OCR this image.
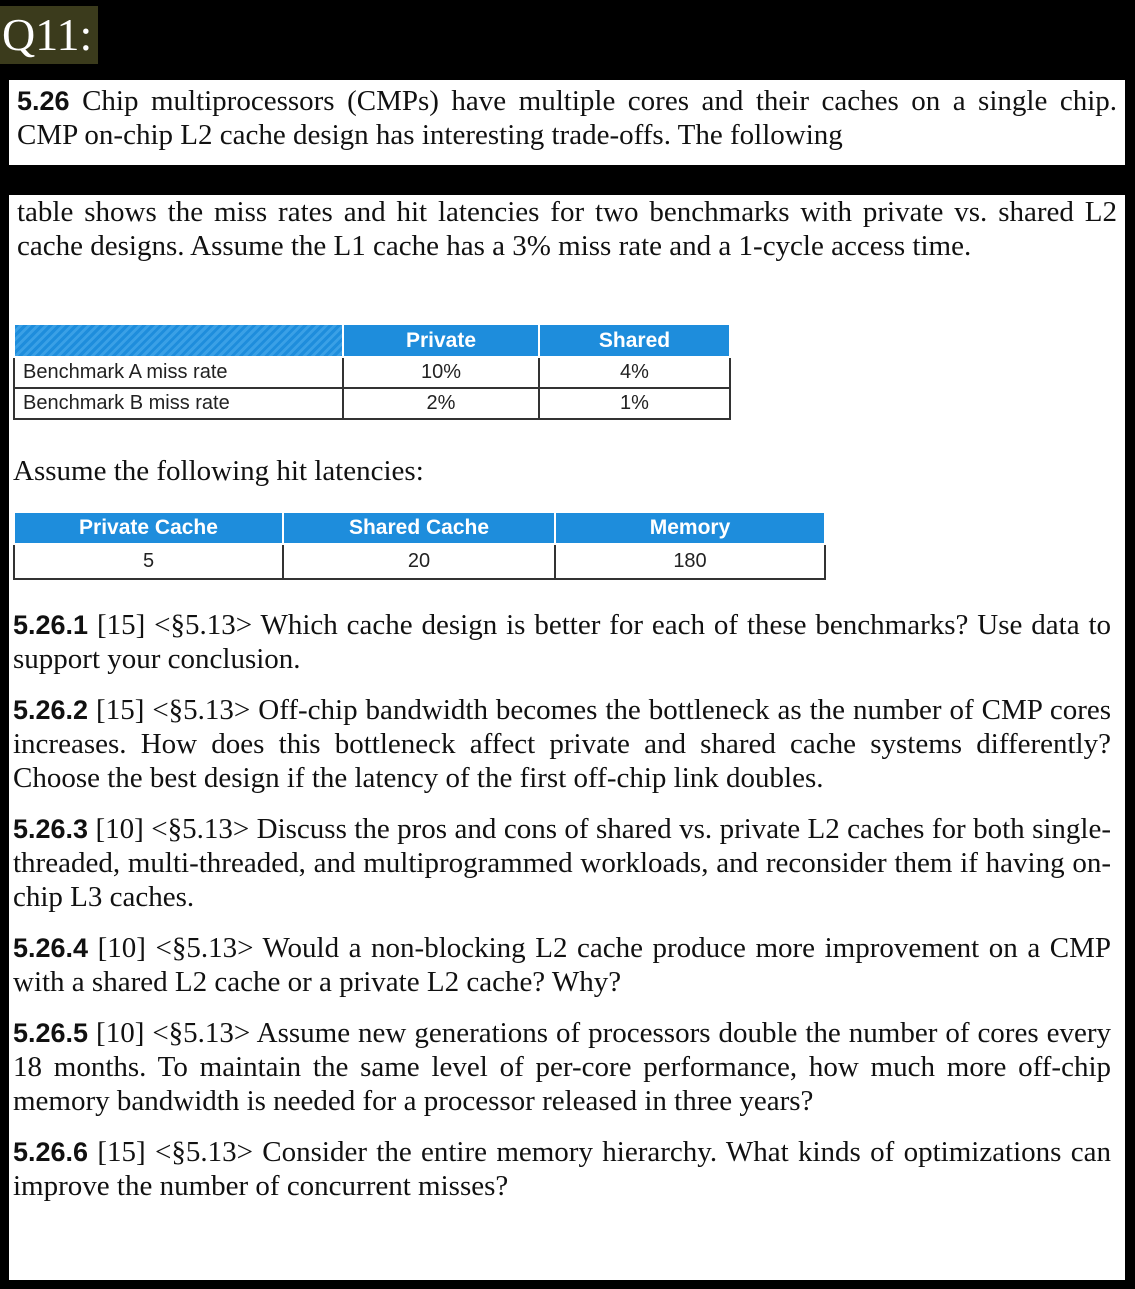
Q11:

5.26 Chip multiprocessors (CMPs) have multiple cores and their caches on a single chip. CMP on-chip L2 cache design has interesting trade-offs. The following

table shows the miss rates and hit latencies for two benchmarks with private vs. shared L2 cache designs. Assume the L1 cache has a 3% miss rate and a 1-cycle access time.

	Private	Shared
Benchmark A miss rate	10%	4%
Benchmark B miss rate	2%	1%
Assume the following hit latencies:
Private Cache	Shared Cache	Memory
5	20	180

5.26.1 [15] <§5.13> Which cache design is better for each of these benchmarks? Use data to support your conclusion.

5.26.2 [15] <§5.13> Off-chip bandwidth becomes the bottleneck as the number of CMP cores increases. How does this bottleneck affect private and shared cache systems differently? Choose the best design if the latency of the first off-chip link doubles.

5.26.3 [10] <§5.13> Discuss the pros and cons of shared vs. private L2 caches for both single-threaded, multi-threaded, and multiprogrammed workloads, and reconsider them if having on-chip L3 caches.

5.26.4 [10] <§5.13> Would a non-blocking L2 cache produce more improvement on a CMP with a shared L2 cache or a private L2 cache? Why?

5.26.5 [10] <§5.13> Assume new generations of processors double the number of cores every 18 months. To maintain the same level of per-core performance, how much more off-chip memory bandwidth is needed for a processor released in three years?

5.26.6 [15] <§5.13> Consider the entire memory hierarchy. What kinds of optimizations can improve the number of concurrent misses?
